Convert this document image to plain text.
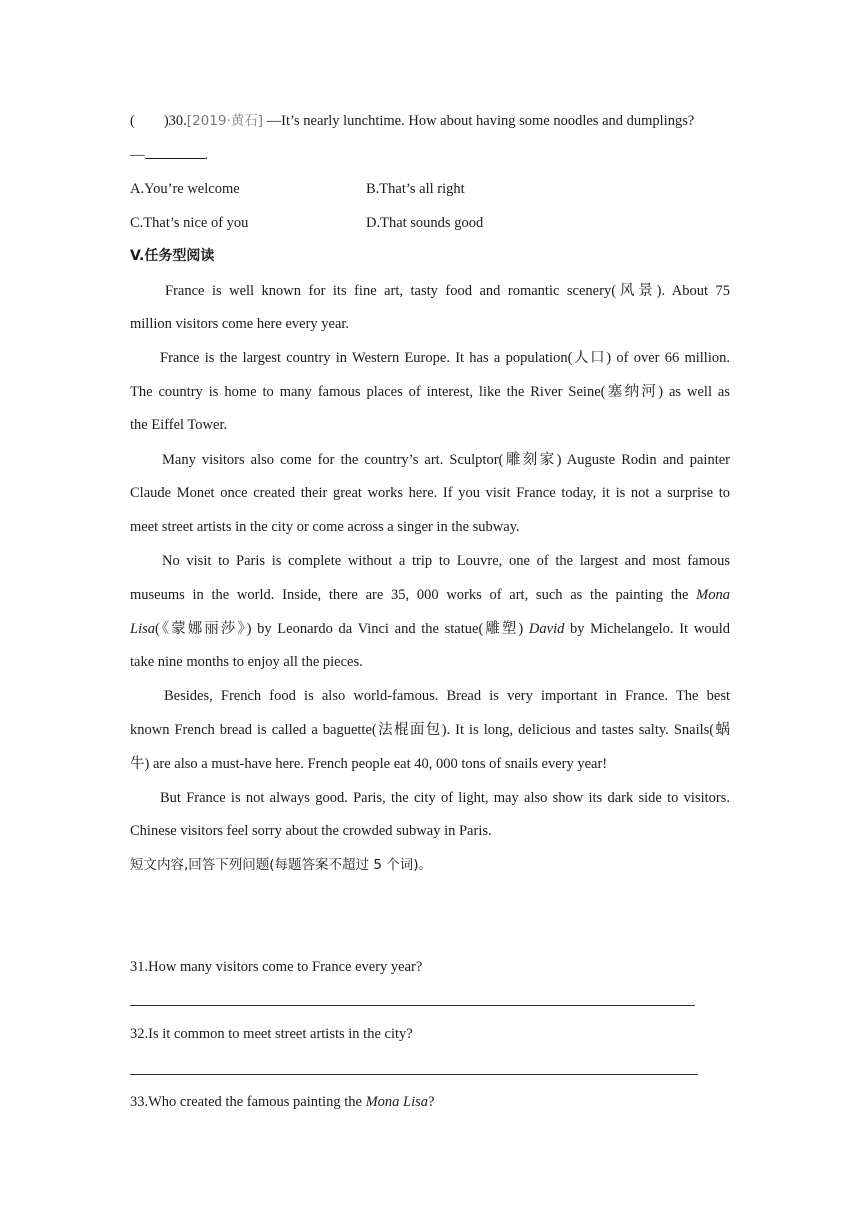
(        )30.[2019·黄石] —It’s nearly lunchtime. How about having some noodles and dumplings?
—	.
A.You’re welcome	B.That’s all right
C.That’s nice of you	D.That sounds good
V.任务型阅读
France is well known for its fine art, tasty food and romantic scenery(风景). About 75
million visitors come here every year.
France is the largest country in Western Europe. It has a population(人口) of over 66 million.
The country is home to many famous places of interest, like the River Seine(塞纳河) as well as
the Eiffel Tower.
Many visitors also come for the country’s art. Sculptor(雕刻家) Auguste Rodin and painter
Claude Monet once created their great works here. If you visit France today, it is not a surprise to
meet street artists in the city or come across a singer in the subway.
No visit to Paris is complete without a trip to Louvre, one of the largest and most famous
museums in the world. Inside, there are 35, 000 works of art, such as the painting the Mona
Lisa(《蒙娜丽莎》) by Leonardo da Vinci and the statue(雕塑) David by Michelangelo. It would
take nine months to enjoy all the pieces.
Besides, French food is also world-famous. Bread is very important in France. The best
known French bread is called a baguette(法棍面包). It is long, delicious and tastes salty. Snails(蜗
牛) are also a must-have here. French people eat 40, 000 tons of snails every year!
But France is not always good. Paris, the city of light, may also show its dark side to visitors.
Chinese visitors feel sorry about the crowded subway in Paris.
短文内容,回答下列问题(每题答案不超过 5 个词)。
31.How many visitors come to France every year?
32.Is it common to meet street artists in the city?
33.Who created the famous painting the Mona Lisa?
